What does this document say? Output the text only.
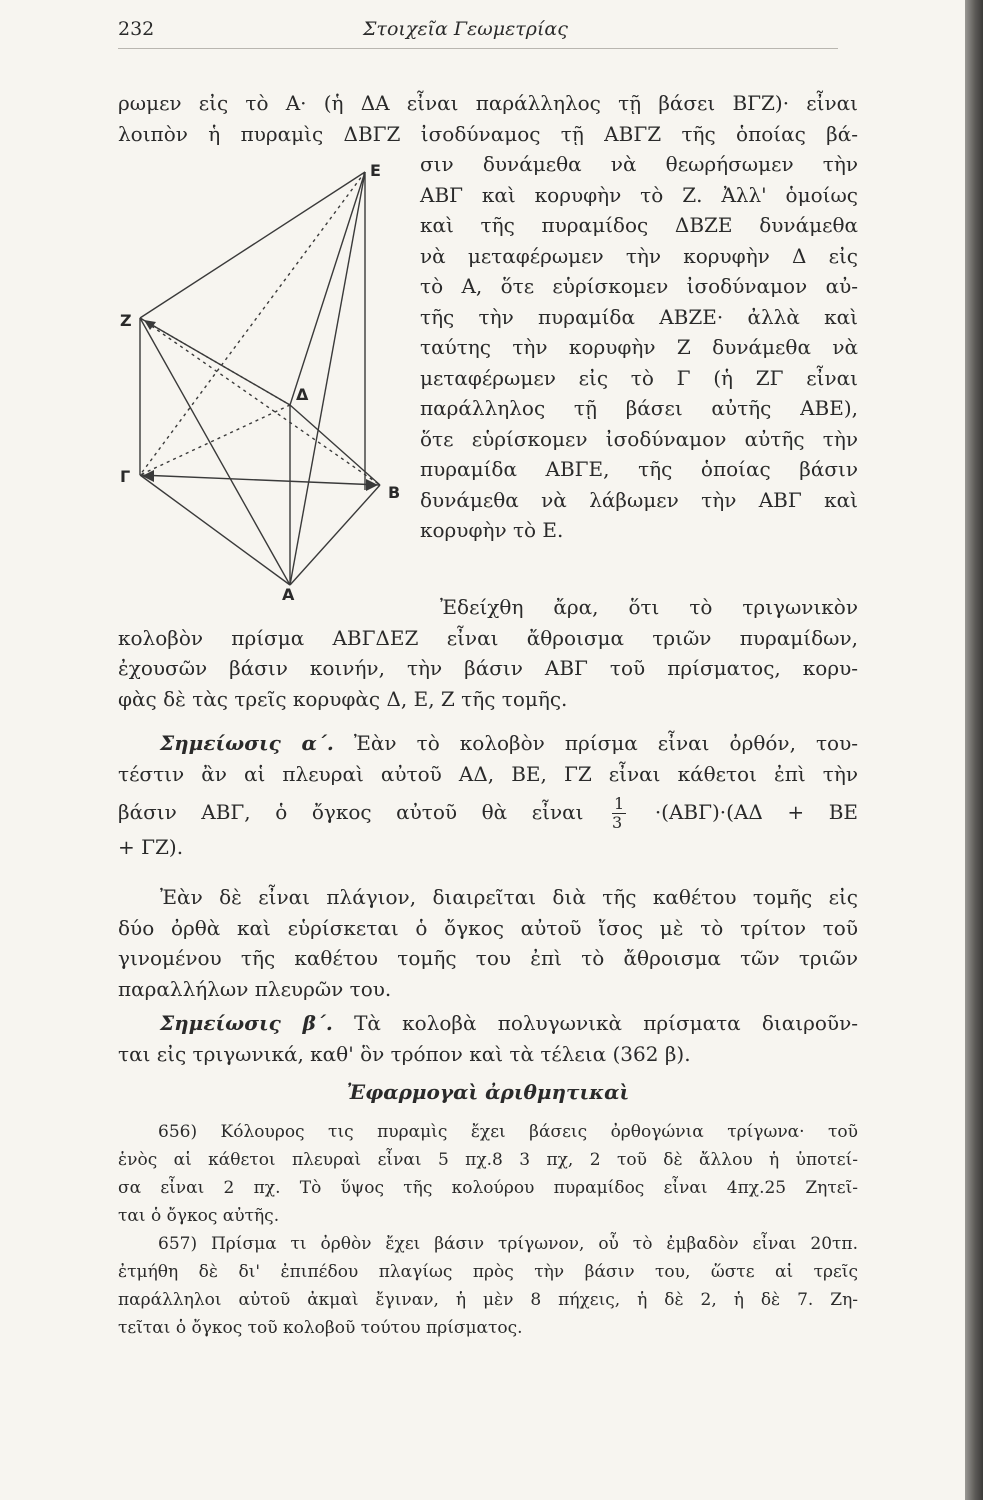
232	Στοιχεῖα Γεωμετρίας
ρωμεν εἰς τὸ Α· (ἡ ΔΑ εἶναι παράλληλος τῇ βάσει ΒΓΖ)· εἶναι
λοιπὸν ἡ πυραμὶς ΔΒΓΖ ἰσοδύναμος τῇ ΑΒΓΖ τῆς ὁποίας βά-
E
Z
Γ
B
A
Δ
σιν δυνάμεθα νὰ θεωρήσωμεν τὴν
ΑΒΓ καὶ κορυφὴν τὸ Ζ. Ἀλλ' ὁμοίως
καὶ τῆς πυραμίδος ΔΒΖΕ δυνάμεθα
νὰ μεταφέρωμεν τὴν κορυφὴν Δ εἰς
τὸ Α, ὅτε εὑρίσκομεν ἰσοδύναμον αὐ-
τῆς τὴν πυραμίδα ΑΒΖΕ· ἀλλὰ καὶ
ταύτης τὴν κορυφὴν Ζ δυνάμεθα νὰ
μεταφέρωμεν εἰς τὸ Γ (ἡ ΖΓ εἶναι
παράλληλος τῇ βάσει αὐτῆς ΑΒΕ),
ὅτε εὑρίσκομεν ἰσοδύναμον αὐτῆς τὴν
πυραμίδα ΑΒΓΕ, τῆς ὁποίας βάσιν
δυνάμεθα νὰ λάβωμεν τὴν ΑΒΓ καὶ
κορυφὴν τὸ Ε.
Ἐδείχθη ἄρα, ὅτι τὸ τριγωνικὸν
κολοβὸν πρίσμα ΑΒΓΔΕΖ εἶναι ἄθροισμα τριῶν πυραμίδων,
ἐχουσῶν βάσιν κοινήν, τὴν βάσιν ΑΒΓ τοῦ πρίσματος, κορυ-
φὰς δὲ τὰς τρεῖς κορυφὰς Δ, Ε, Ζ τῆς τομῆς.
Σημείωσις α΄. Ἐὰν τὸ κολοβὸν πρίσμα εἶναι ὀρθόν, του-
τέστιν ἂν αἱ πλευραὶ αὐτοῦ ΑΔ, ΒΕ, ΓΖ εἶναι κάθετοι ἐπὶ τὴν
βάσιν ΑΒΓ, ὁ ὄγκος αὐτοῦ θὰ εἶναι $\frac{1}{3} \cdot(AB\Gamma)\cdot(A\Delta + BE$
+ ΓΖ).
Ἐὰν δὲ εἶναι πλάγιον, διαιρεῖται διὰ τῆς καθέτου τομῆς εἰς
δύο ὀρθὰ καὶ εὑρίσκεται ὁ ὄγκος αὐτοῦ ἴσος μὲ τὸ τρίτον τοῦ
γινομένου τῆς καθέτου τομῆς του ἐπὶ τὸ ἄθροισμα τῶν τριῶν
παραλλήλων πλευρῶν του.
Σημείωσις β΄. Τὰ κολοβὰ πολυγωνικὰ πρίσματα διαιροῦν-
ται εἰς τριγωνικά, καθ' ὃν τρόπον καὶ τὰ τέλεια (362 β).
Ἐφαρμογαὶ ἀριθμητικαὶ
656) Κόλουρος τις πυραμὶς ἔχει βάσεις ὀρθογώνια τρίγωνα· τοῦ
ἑνὸς αἱ κάθετοι πλευραὶ εἶναι 5 πχ.8 3 πχ, 2 τοῦ δὲ ἄλλου ἡ ὑποτεί-
σα εἶναι 2 πχ. Τὸ ὕψος τῆς κολούρου πυραμίδος εἶναι 4πχ.25 Ζητεῖ-
ται ὁ ὄγκος αὐτῆς.
657) Πρίσμα τι ὀρθὸν ἔχει βάσιν τρίγωνον, οὗ τὸ ἐμβαδὸν εἶναι 20τπ.
ἐτμήθη δὲ δι' ἐπιπέδου πλαγίως πρὸς τὴν βάσιν του, ὥστε αἱ τρεῖς
παράλληλοι αὐτοῦ ἀκμαὶ ἔγιναν, ἡ μὲν 8 πήχεις, ἡ δὲ 2, ἡ δὲ 7. Ζη-
τεῖται ὁ ὄγκος τοῦ κολοβοῦ τούτου πρίσματος.
